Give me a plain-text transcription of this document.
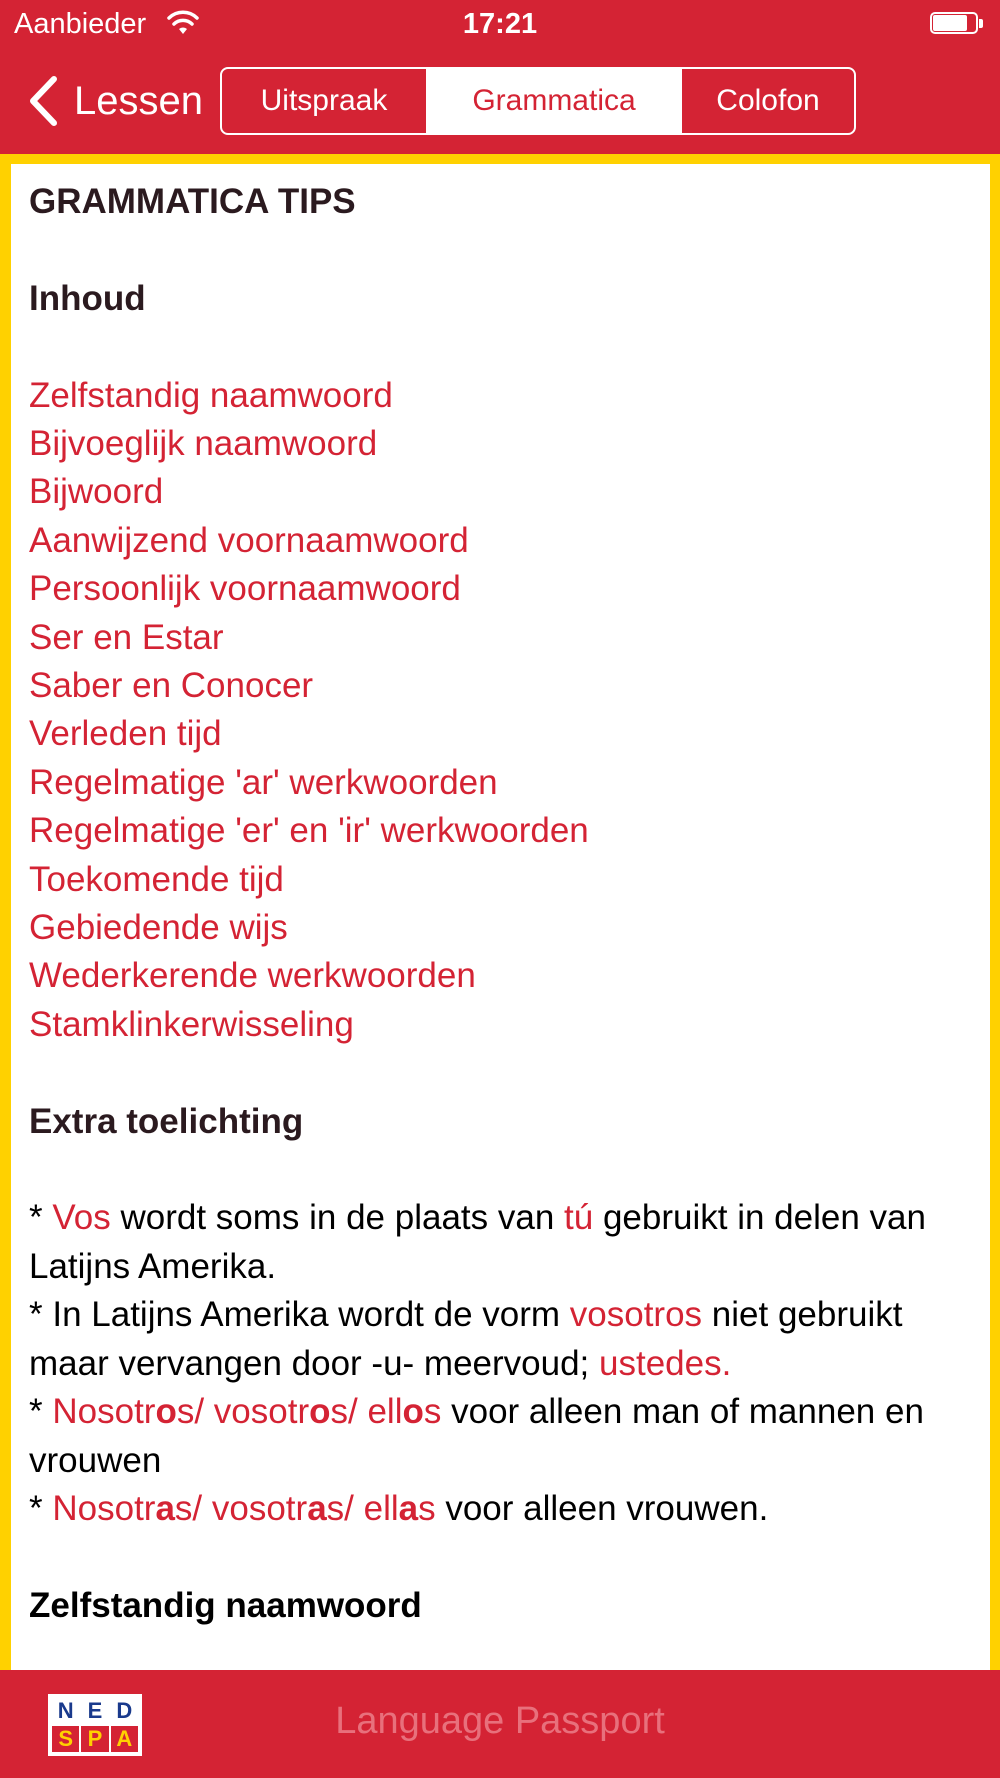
Aanbieder	17:21
Lessen	Uitspraak	Grammatica	Colofon

GRAMMATICA TIPS

Inhoud

Zelfstandig naamwoord
Bijvoeglijk naamwoord
Bijwoord
Aanwijzend voornaamwoord
Persoonlijk voornaamwoord
Ser en Estar
Saber en Conocer
Verleden tijd
Regelmatige 'ar' werkwoorden
Regelmatige 'er' en 'ir' werkwoorden
Toekomende tijd
Gebiedende wijs
Wederkerende werkwoorden
Stamklinkerwisseling

Extra toelichting

* Vos wordt soms in de plaats van tú gebruikt in delen van Latijns Amerika.

* In Latijns Amerika wordt de vorm vosotros niet gebruikt maar vervangen door -u- meervoud; ustedes.

* Nosotros/ vosotros/ ellos voor alleen man of mannen en vrouwen

* Nosotras/ vosotras/ ellas voor alleen vrouwen.

Zelfstandig naamwoord

N E D
S P A	Language Passport
